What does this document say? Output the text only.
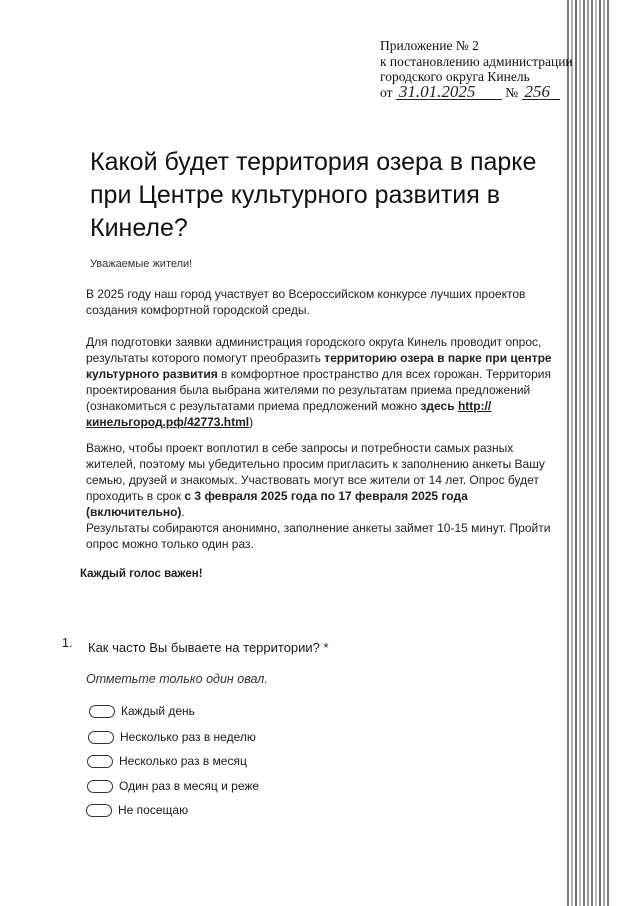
Приложение № 2
к постановлению администрации
городского округа Кинель
от 31.01.2025 № 256
Какой будет территория озера в парке при Центре культурного развития в Кинеле?
Уважаемые жители!
В 2025 году наш город участвует во Всероссийском конкурсе лучших проектов создания комфортной городской среды.
Для подготовки заявки администрация городского округа Кинель проводит опрос, результаты которого помогут преобразить территорию озера в парке при центре культурного развития в комфортное пространство для всех горожан. Территория проектирования была выбрана жителями по результатам приема предложений (ознакомиться с результатами приема предложений можно здесь http://кинельгород.рф/42773.html)
Важно, чтобы проект воплотил в себе запросы и потребности самых разных жителей, поэтому мы убедительно просим пригласить к заполнению анкеты Вашу семью, друзей и знакомых. Участвовать могут все жители от 14 лет. Опрос будет проходить в срок с 3 февраля 2025 года по 17 февраля 2025 года (включительно).
Результаты собираются анонимно, заполнение анкеты займет 10-15 минут. Пройти опрос можно только один раз.
Каждый голос важен!
1. Как часто Вы бываете на территории? *
Отметьте только один овал.
Каждый день
Несколько раз в неделю
Несколько раз в месяц
Один раз в месяц и реже
Не посещаю
